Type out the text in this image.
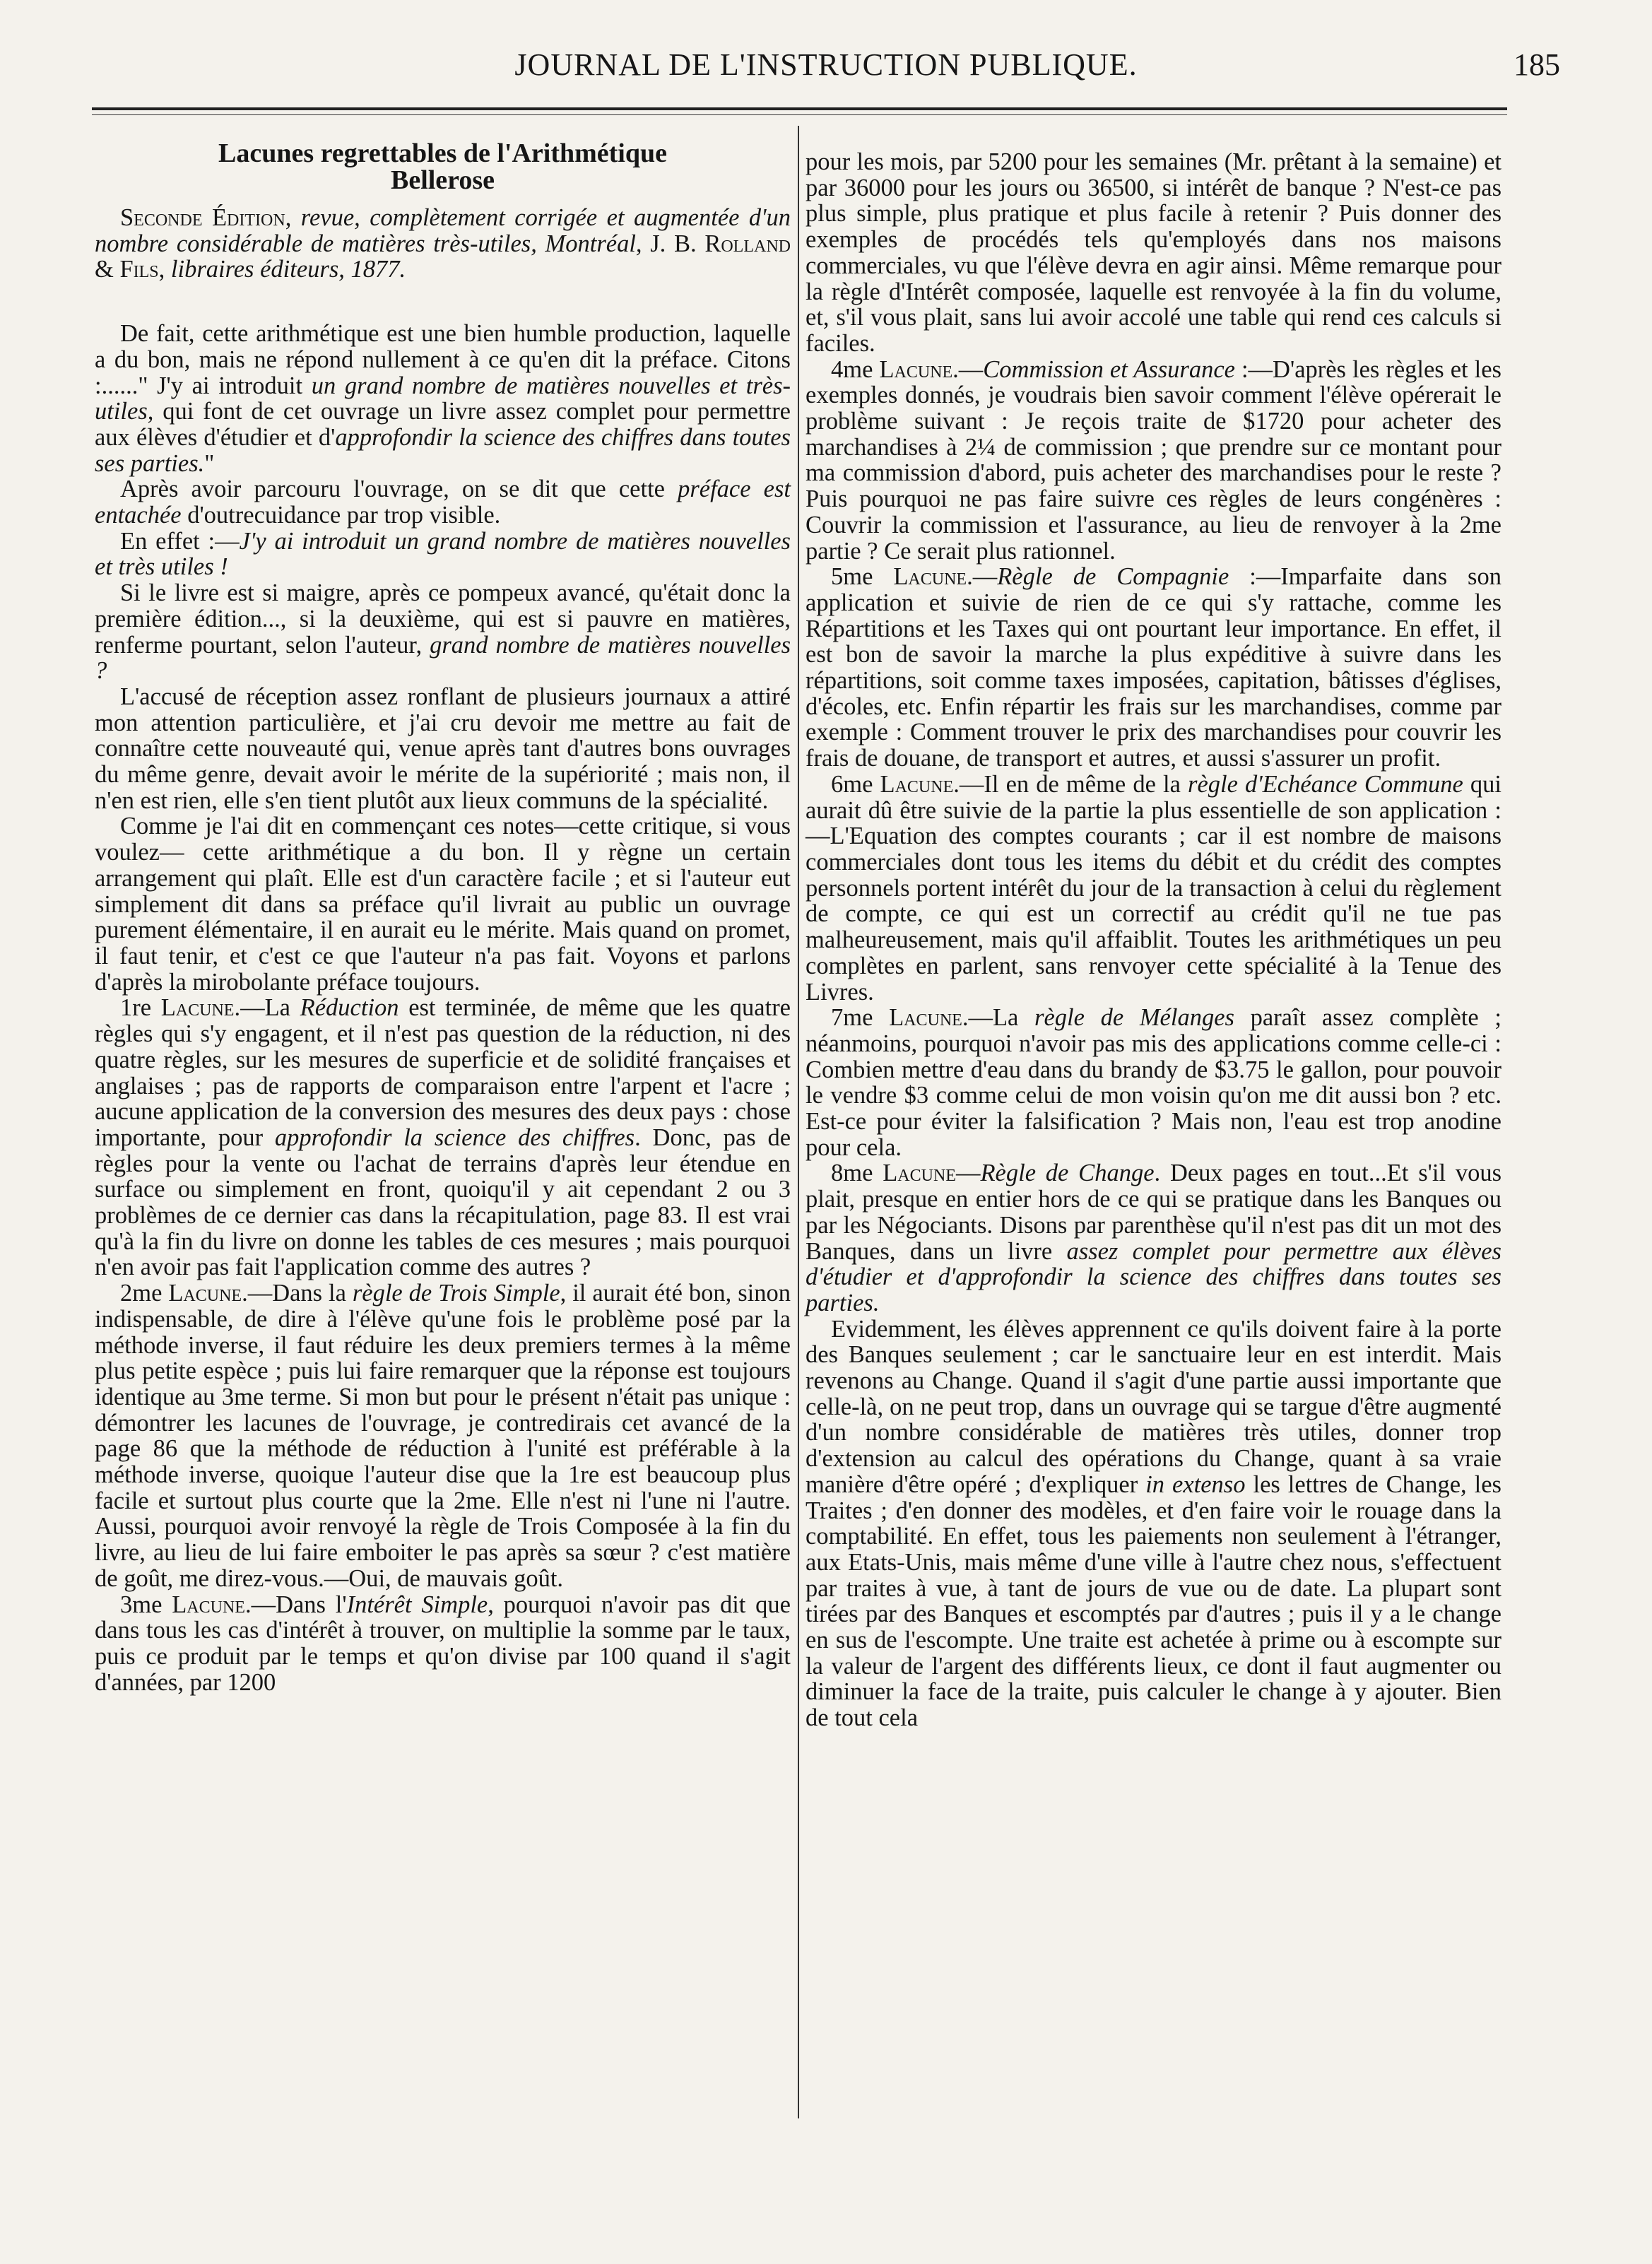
JOURNAL DE L'INSTRUCTION PUBLIQUE.	185
Lacunes regrettables de l'Arithmétique
Bellerose

Seconde Édition, revue, complètement corrigée et augmentée d'un nombre considérable de matières très-utiles, Montréal, J. B. Rolland & Fils, libraires éditeurs, 1877.

De fait, cette arithmétique est une bien humble production, laquelle a du bon, mais ne répond nullement à ce qu'en dit la préface. Citons :......" J'y ai introduit un grand nombre de matières nouvelles et très-utiles, qui font de cet ouvrage un livre assez complet pour permettre aux élèves d'étudier et d'approfondir la science des chiffres dans toutes ses parties."

Après avoir parcouru l'ouvrage, on se dit que cette préface est entachée d'outrecuidance par trop visible.

En effet :—J'y ai introduit un grand nombre de matières nouvelles et très utiles !

Si le livre est si maigre, après ce pompeux avancé, qu'était donc la première édition..., si la deuxième, qui est si pauvre en matières, renferme pourtant, selon l'auteur, grand nombre de matières nouvelles ?

L'accusé de réception assez ronflant de plusieurs journaux a attiré mon attention particulière, et j'ai cru devoir me mettre au fait de connaître cette nouveauté qui, venue après tant d'autres bons ouvrages du même genre, devait avoir le mérite de la supériorité ; mais non, il n'en est rien, elle s'en tient plutôt aux lieux communs de la spécialité.

Comme je l'ai dit en commençant ces notes—cette critique, si vous voulez— cette arithmétique a du bon. Il y règne un certain arrangement qui plaît. Elle est d'un caractère facile ; et si l'auteur eut simplement dit dans sa préface qu'il livrait au public un ouvrage purement élémentaire, il en aurait eu le mérite. Mais quand on promet, il faut tenir, et c'est ce que l'auteur n'a pas fait. Voyons et parlons d'après la mirobolante préface toujours.

1re Lacune.—La Réduction est terminée, de même que les quatre règles qui s'y engagent, et il n'est pas question de la réduction, ni des quatre règles, sur les mesures de superficie et de solidité françaises et anglaises ; pas de rapports de comparaison entre l'arpent et l'acre ; aucune application de la conversion des mesures des deux pays : chose importante, pour approfondir la science des chiffres. Donc, pas de règles pour la vente ou l'achat de terrains d'après leur étendue en surface ou simplement en front, quoiqu'il y ait cependant 2 ou 3 problèmes de ce dernier cas dans la récapitulation, page 83. Il est vrai qu'à la fin du livre on donne les tables de ces mesures ; mais pourquoi n'en avoir pas fait l'application comme des autres ?

2me Lacune.—Dans la règle de Trois Simple, il aurait été bon, sinon indispensable, de dire à l'élève qu'une fois le problème posé par la méthode inverse, il faut réduire les deux premiers termes à la même plus petite espèce ; puis lui faire remarquer que la réponse est toujours identique au 3me terme. Si mon but pour le présent n'était pas unique : démontrer les lacunes de l'ouvrage, je contredirais cet avancé de la page 86 que la méthode de réduction à l'unité est préférable à la méthode inverse, quoique l'auteur dise que la 1re est beaucoup plus facile et surtout plus courte que la 2me. Elle n'est ni l'une ni l'autre. Aussi, pourquoi avoir renvoyé la règle de Trois Composée à la fin du livre, au lieu de lui faire emboiter le pas après sa sœur ? c'est matière de goût, me direz-vous.—Oui, de mauvais goût.

3me Lacune.—Dans l'Intérêt Simple, pourquoi n'avoir pas dit que dans tous les cas d'intérêt à trouver, on multiplie la somme par le taux, puis ce produit par le temps et qu'on divise par 100 quand il s'agit d'années, par 1200

pour les mois, par 5200 pour les semaines (Mr. prêtant à la semaine) et par 36000 pour les jours ou 36500, si intérêt de banque ? N'est-ce pas plus simple, plus pratique et plus facile à retenir ? Puis donner des exemples de procédés tels qu'employés dans nos maisons commerciales, vu que l'élève devra en agir ainsi. Même remarque pour la règle d'Intérêt composée, laquelle est renvoyée à la fin du volume, et, s'il vous plait, sans lui avoir accolé une table qui rend ces calculs si faciles.

4me Lacune.—Commission et Assurance :—D'après les règles et les exemples donnés, je voudrais bien savoir comment l'élève opérerait le problème suivant : Je reçois traite de $1720 pour acheter des marchandises à 2¼ de commission ; que prendre sur ce montant pour ma commission d'abord, puis acheter des marchandises pour le reste ? Puis pourquoi ne pas faire suivre ces règles de leurs congénères : Couvrir la commission et l'assurance, au lieu de renvoyer à la 2me partie ? Ce serait plus rationnel.

5me Lacune.—Règle de Compagnie :—Imparfaite dans son application et suivie de rien de ce qui s'y rattache, comme les Répartitions et les Taxes qui ont pourtant leur importance. En effet, il est bon de savoir la marche la plus expéditive à suivre dans les répartitions, soit comme taxes imposées, capitation, bâtisses d'églises, d'écoles, etc. Enfin répartir les frais sur les marchandises, comme par exemple : Comment trouver le prix des marchandises pour couvrir les frais de douane, de transport et autres, et aussi s'assurer un profit.

6me Lacune.—Il en de même de la règle d'Echéance Commune qui aurait dû être suivie de la partie la plus essentielle de son application :—L'Equation des comptes courants ; car il est nombre de maisons commerciales dont tous les items du débit et du crédit des comptes personnels portent intérêt du jour de la transaction à celui du règlement de compte, ce qui est un correctif au crédit qu'il ne tue pas malheureusement, mais qu'il affaiblit. Toutes les arithmétiques un peu complètes en parlent, sans renvoyer cette spécialité à la Tenue des Livres.

7me Lacune.—La règle de Mélanges paraît assez complète ; néanmoins, pourquoi n'avoir pas mis des applications comme celle-ci : Combien mettre d'eau dans du brandy de $3.75 le gallon, pour pouvoir le vendre $3 comme celui de mon voisin qu'on me dit aussi bon ? etc. Est-ce pour éviter la falsification ? Mais non, l'eau est trop anodine pour cela.

8me Lacune—Règle de Change. Deux pages en tout...Et s'il vous plait, presque en entier hors de ce qui se pratique dans les Banques ou par les Négociants. Disons par parenthèse qu'il n'est pas dit un mot des Banques, dans un livre assez complet pour permettre aux élèves d'étudier et d'approfondir la science des chiffres dans toutes ses parties.

Evidemment, les élèves apprennent ce qu'ils doivent faire à la porte des Banques seulement ; car le sanctuaire leur en est interdit. Mais revenons au Change. Quand il s'agit d'une partie aussi importante que celle-là, on ne peut trop, dans un ouvrage qui se targue d'être augmenté d'un nombre considérable de matières très utiles, donner trop d'extension au calcul des opérations du Change, quant à sa vraie manière d'être opéré ; d'expliquer in extenso les lettres de Change, les Traites ; d'en donner des modèles, et d'en faire voir le rouage dans la comptabilité. En effet, tous les paiements non seulement à l'étranger, aux Etats-Unis, mais même d'une ville à l'autre chez nous, s'effectuent par traites à vue, à tant de jours de vue ou de date. La plupart sont tirées par des Banques et escomptés par d'autres ; puis il y a le change en sus de l'escompte. Une traite est achetée à prime ou à escompte sur la valeur de l'argent des différents lieux, ce dont il faut augmenter ou diminuer la face de la traite, puis calculer le change à y ajouter. Bien de tout cela
